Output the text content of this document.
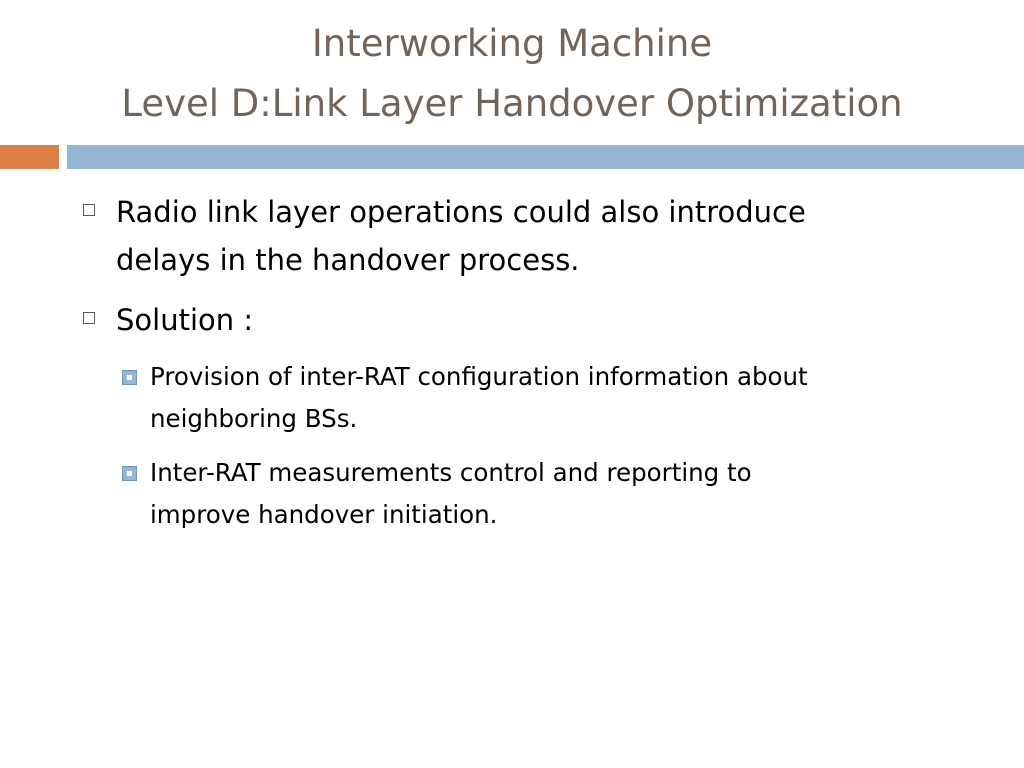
Interworking Machine
Level D:Link Layer Handover Optimization
Radio link layer operations could also introduce
delays in the handover process.
Solution :
Provision of inter-RAT configuration information about
neighboring BSs.
Inter-RAT measurements control and reporting to
improve handover initiation.
